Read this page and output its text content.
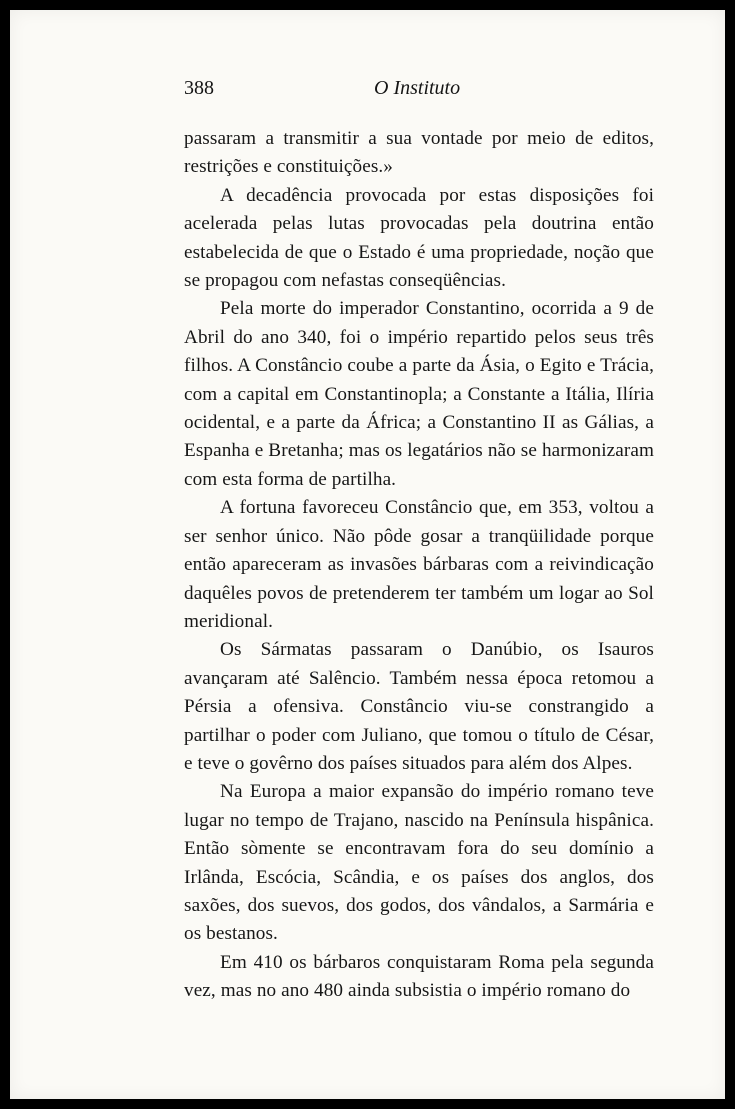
388	O Instituto

passaram a transmitir a sua vontade por meio de editos, restrições e constituições.»

A decadência provocada por estas disposições foi acelerada pelas lutas provocadas pela doutrina então estabelecida de que o Estado é uma propriedade, noção que se propagou com nefastas conseqüências.

Pela morte do imperador Constantino, ocorrida a 9 de Abril do ano 340, foi o império repartido pelos seus três filhos. A Constâncio coube a parte da Ásia, o Egito e Trácia, com a capital em Constantinopla; a Constante a Itália, Ilíria ocidental, e a parte da África; a Constantino II as Gálias, a Espanha e Bretanha; mas os legatários não se harmonizaram com esta forma de partilha.

A fortuna favoreceu Constâncio que, em 353, voltou a ser senhor único. Não pôde gosar a tranqüilidade porque então apareceram as invasões bárbaras com a reivindicação daquêles povos de pretenderem ter também um logar ao Sol meridional.

Os Sármatas passaram o Danúbio, os Isauros avançaram até Salêncio. Também nessa época retomou a Pérsia a ofensiva. Constâncio viu-se constrangido a partilhar o poder com Juliano, que tomou o título de César, e teve o govêrno dos países situados para além dos Alpes.

Na Europa a maior expansão do império romano teve lugar no tempo de Trajano, nascido na Península hispânica. Então sòmente se encontravam fora do seu domínio a Irlânda, Escócia, Scândia, e os países dos anglos, dos saxões, dos suevos, dos godos, dos vândalos, a Sarmária e os bestanos.

Em 410 os bárbaros conquistaram Roma pela segunda vez, mas no ano 480 ainda subsistia o império romano do
